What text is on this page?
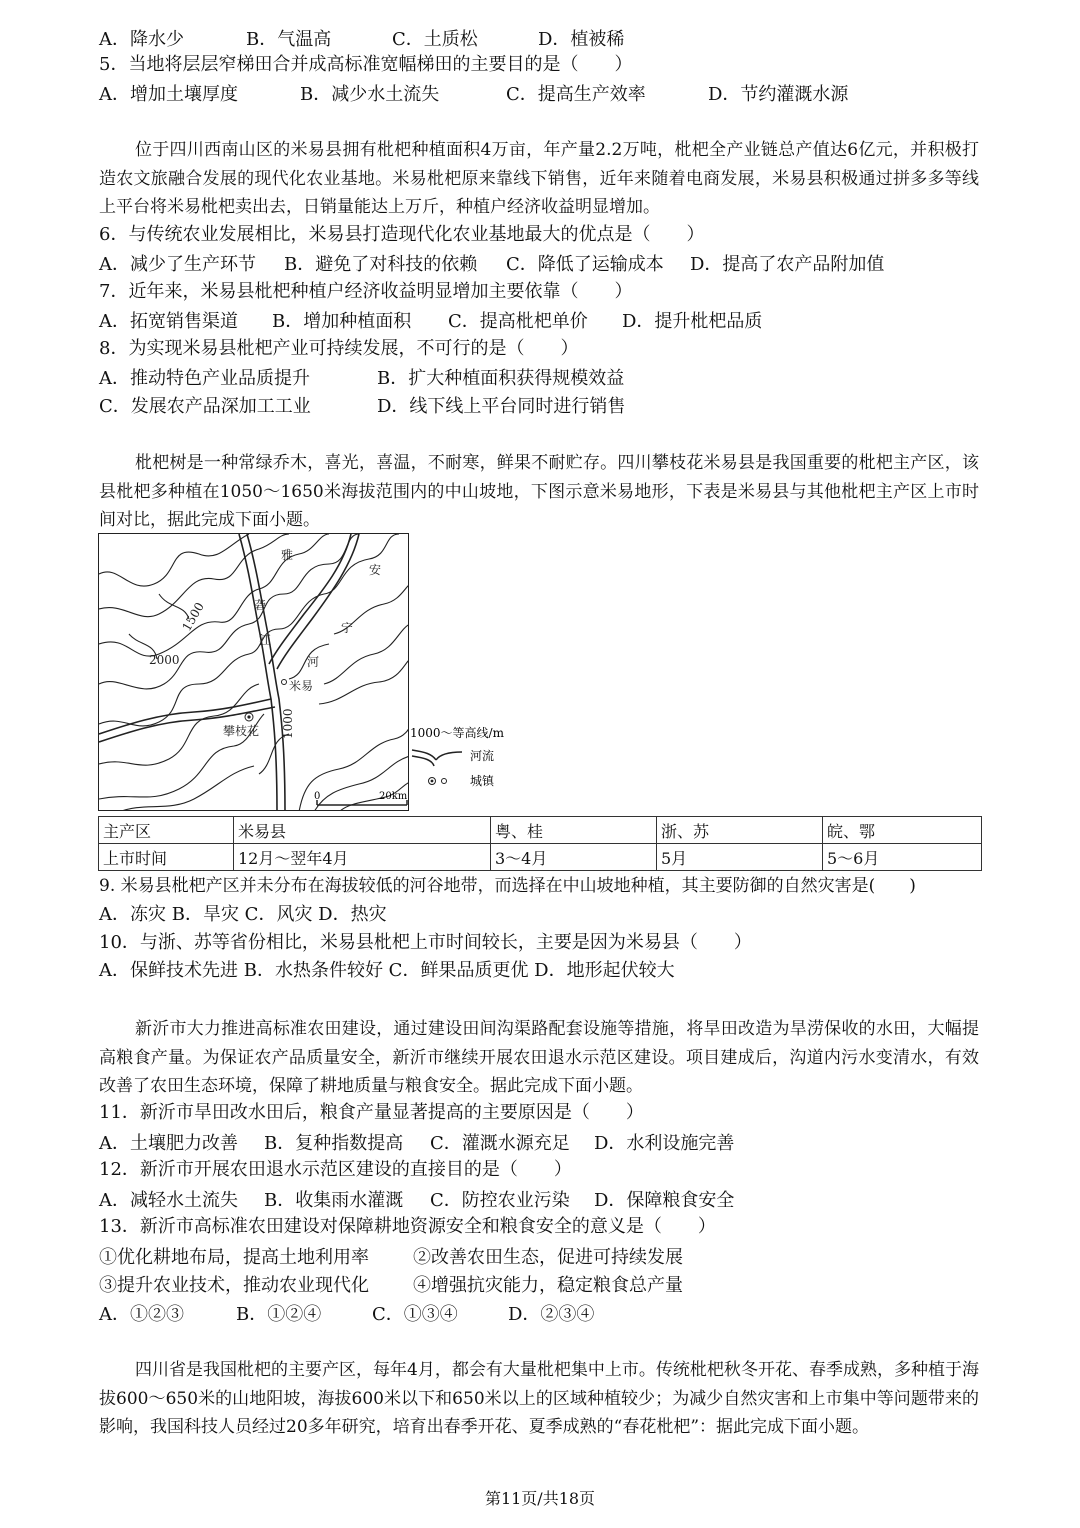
A．降水少	B．气温高	C．土质松	D．植被稀
5．当地将层层窄梯田合并成高标准宽幅梯田的主要目的是（　　）
A．增加土壤厚度	B．减少水土流失	C．提高生产效率	D．节约灌溉水源

位于四川西南山区的米易县拥有枇杷种植面积4万亩，年产量2.2万吨，枇杷全产业链总产值达6亿元，并积极打造农文旅融合发展的现代化农业基地。米易枇杷原来靠线下销售，近年来随着电商发展，米易县积极通过拼多多等线上平台将米易枇杷卖出去，日销量能达上万斤，种植户经济收益明显增加。

6．与传统农业发展相比，米易县打造现代化农业基地最大的优点是（　　）
A．减少了生产环节 B．避免了对科技的依赖 C．降低了运输成本 D．提高了农产品附加值
7．近年来，米易县枇杷种植户经济收益明显增加主要依靠（　　）
A．拓宽销售渠道 B．增加种植面积 C．提高枇杷单价 D．提升枇杷品质
8．为实现米易县枇杷产业可持续发展，不可行的是（　　）
A．推动特色产业品质提升	B．扩大种植面积获得规模效益
C．发展农产品深加工工业	D．线下线上平台同时进行销售

枇杷树是一种常绿乔木，喜光，喜温，不耐寒，鲜果不耐贮存。四川攀枝花米易县是我国重要的枇杷主产区，该县枇杷多种植在1050～1650米海拔范围内的中山坡地，下图示意米易地形，下表是米易县与其他枇杷主产区上市时间对比，据此完成下面小题。

雅
安
砻
宁
江
河
米易
攀枝花
2000
1500
1000
0	20km
1000～等高线/m
河流
城镇
主产区	米易县	粤、桂	浙、苏	皖、鄂
上市时间	12月～翌年4月	3～4月	5月	5～6月
9. 米易县枇杷产区并未分布在海拔较低的河谷地带，而选择在中山坡地种植，其主要防御的自然灾害是(　　)
A．冻灾 B．旱灾 C．风灾 D．热灾
10．与浙、苏等省份相比，米易县枇杷上市时间较长，主要是因为米易县（　　）
A．保鲜技术先进 B．水热条件较好 C．鲜果品质更优 D．地形起伏较大

新沂市大力推进高标准农田建设，通过建设田间沟渠路配套设施等措施，将旱田改造为旱涝保收的水田，大幅提高粮食产量。为保证农产品质量安全，新沂市继续开展农田退水示范区建设。项目建成后，沟道内污水变清水，有效改善了农田生态环境，保障了耕地质量与粮食安全。据此完成下面小题。

11．新沂市旱田改水田后，粮食产量显著提高的主要原因是（　　）
A．土壤肥力改善 B．复种指数提高 C．灌溉水源充足 D．水利设施完善
12．新沂市开展农田退水示范区建设的直接目的是（　　）
A．减轻水土流失 B．收集雨水灌溉 C．防控农业污染 D．保障粮食安全
13．新沂市高标准农田建设对保障耕地资源安全和粮食安全的意义是（　　）
①优化耕地布局，提高土地利用率 ②改善农田生态，促进可持续发展
③提升农业技术，推动农业现代化 ④增强抗灾能力，稳定粮食总产量
A．①②③	B．①②④	C．①③④	D．②③④

四川省是我国枇杷的主要产区，每年4月，都会有大量枇杷集中上市。传统枇杷秋冬开花、春季成熟，多种植于海拔600～650米的山地阳坡，海拔600米以下和650米以上的区域种植较少；为减少自然灾害和上市集中等问题带来的影响，我国科技人员经过20多年研究，培育出春季开花、夏季成熟的“春花枇杷”：据此完成下面小题。

第11页/共18页
